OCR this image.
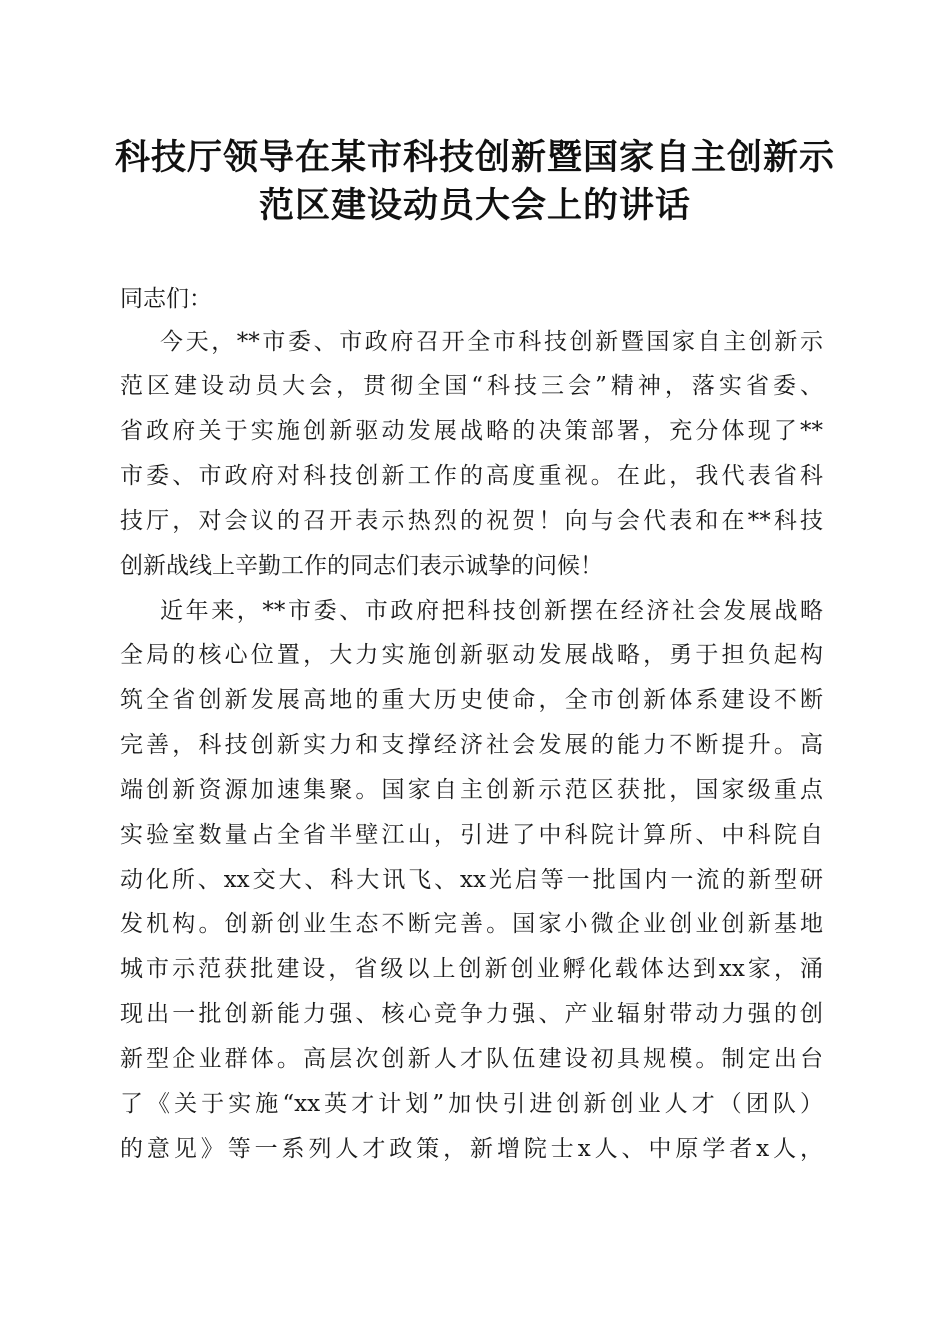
科技厅领导在某市科技创新暨国家自主创新示
范区建设动员大会上的讲话
同志们：
今天，**市委、市政府召开全市科技创新暨国家自主创新示
范区建设动员大会，贯彻全国“科技三会”精神，落实省委、
省政府关于实施创新驱动发展战略的决策部署，充分体现了**
市委、市政府对科技创新工作的高度重视。在此，我代表省科
技厅，对会议的召开表示热烈的祝贺！向与会代表和在**科技
创新战线上辛勤工作的同志们表示诚挚的问候！
近年来，**市委、市政府把科技创新摆在经济社会发展战略
全局的核心位置，大力实施创新驱动发展战略，勇于担负起构
筑全省创新发展高地的重大历史使命，全市创新体系建设不断
完善，科技创新实力和支撑经济社会发展的能力不断提升。高
端创新资源加速集聚。国家自主创新示范区获批，国家级重点
实验室数量占全省半壁江山，引进了中科院计算所、中科院自
动化所、xx交大、科大讯飞、xx光启等一批国内一流的新型研
发机构。创新创业生态不断完善。国家小微企业创业创新基地
城市示范获批建设，省级以上创新创业孵化载体达到xx家，涌
现出一批创新能力强、核心竞争力强、产业辐射带动力强的创
新型企业群体。高层次创新人才队伍建设初具规模。制定出台
了《关于实施“xx英才计划”加快引进创新创业人才（团队）
的意见》等一系列人才政策，新增院士x人、中原学者x人，
